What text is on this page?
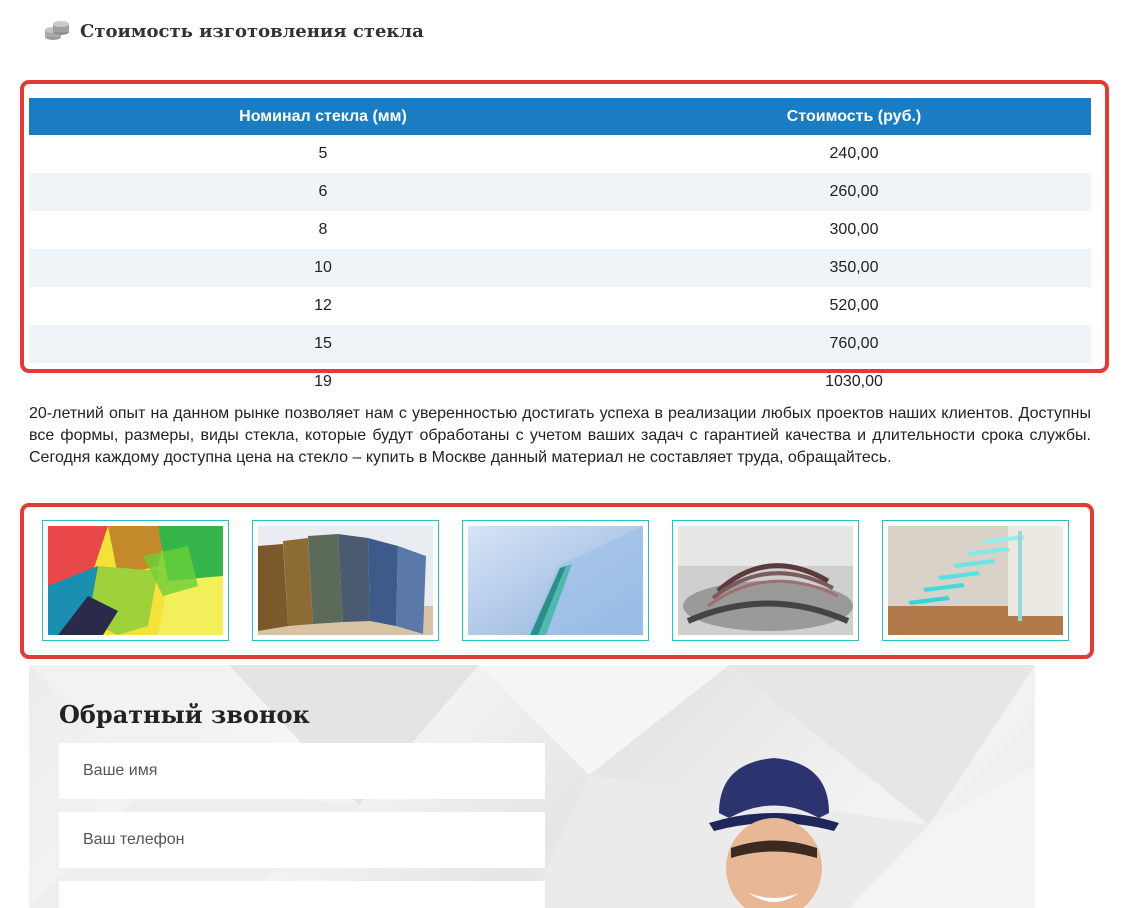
Стоимость изготовления стекла
Номинал стекла (мм)	Стоимость (руб.)
5	240,00
6	260,00
8	300,00
10	350,00
12	520,00
15	760,00
19	1030,00

20-летний опыт на данном рынке позволяет нам с уверенностью достигать успеха в реализации любых проектов наших клиентов. Доступны все формы, размеры, виды стекла, которые будут обработаны с учетом ваших задач с гарантией качества и длительности срока службы. Сегодня каждому доступна цена на стекло – купить в Москве данный материал не составляет труда, обращайтесь.

Обратный звонок
Ваше имя
Ваш телефон
